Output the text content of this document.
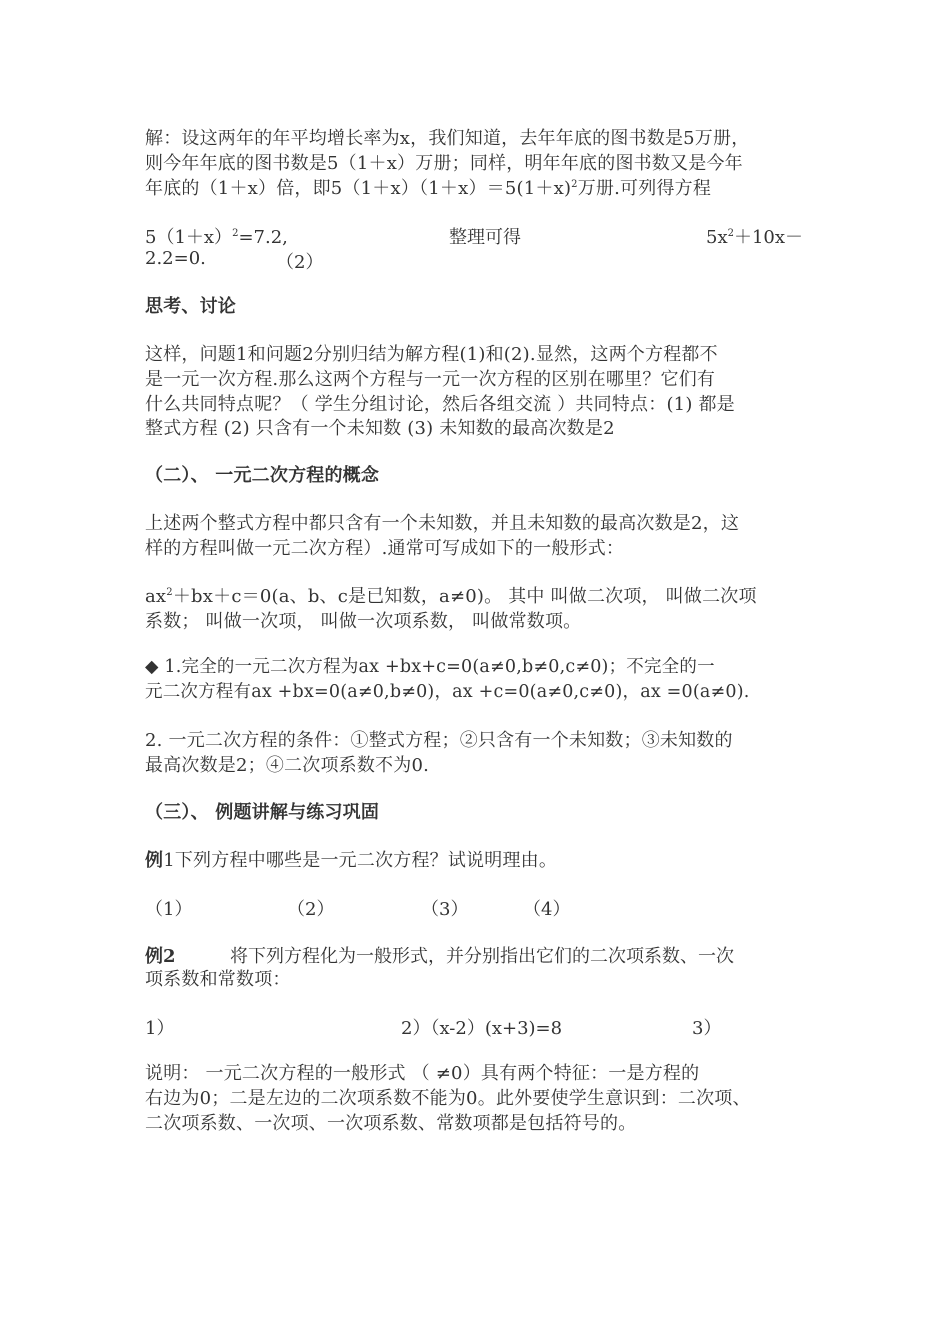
解：设这两年的年平均增长率为x，我们知道，去年年底的图书数是5万册，
则今年年底的图书数是5（1＋x）万册；同样，明年年底的图书数又是今年
年底的（1＋x）倍，即$5(1+x)(1+x)=5(1+x)^2$万册.可列得方程
$5(1+x)^2=7.2$,	整理可得	$5x^2+10x-$
2.2=0.	（2）
思考、讨论
这样，问题1和问题2分别归结为解方程(1)和(2).显然，这两个方程都不
是一元一次方程.那么这两个方程与一元一次方程的区别在哪里？它们有
什么共同特点呢？（ 学生分组讨论，然后各组交流 ）共同特点：(1) 都是
整式方程 (2) 只含有一个未知数 (3) 未知数的最高次数是2
（二）、 一元二次方程的概念
上述两个整式方程中都只含有一个未知数，并且未知数的最高次数是2，这
样的方程叫做一元二次方程）.通常可写成如下的一般形式：
$ax^2+bx+c=0(a$、b、c是已知数，a≠0)。 其中 叫做二次项， 叫做二次项
系数； 叫做一次项， 叫做一次项系数， 叫做常数项。
◆ 1.完全的一元二次方程为ax +bx+c=0(a≠0,b≠0,c≠0)；不完全的一
元二次方程有ax +bx=0(a≠0,b≠0)，ax +c=0(a≠0,c≠0)，ax =0(a≠0).
2. 一元二次方程的条件：①整式方程；②只含有一个未知数；③未知数的
最高次数是2；④二次项系数不为0.
（三）、 例题讲解与练习巩固
例1下列方程中哪些是一元二次方程？试说明理由。
（1）	（2）	（3）	（4）
例2	将下列方程化为一般形式，并分别指出它们的二次项系数、一次
项系数和常数项：
1）	2）（x-2）(x+3)=8	3）
说明： 一元二次方程的一般形式 （ ≠0）具有两个特征：一是方程的
右边为0；二是左边的二次项系数不能为0。此外要使学生意识到：二次项、
二次项系数、一次项、一次项系数、常数项都是包括符号的。
